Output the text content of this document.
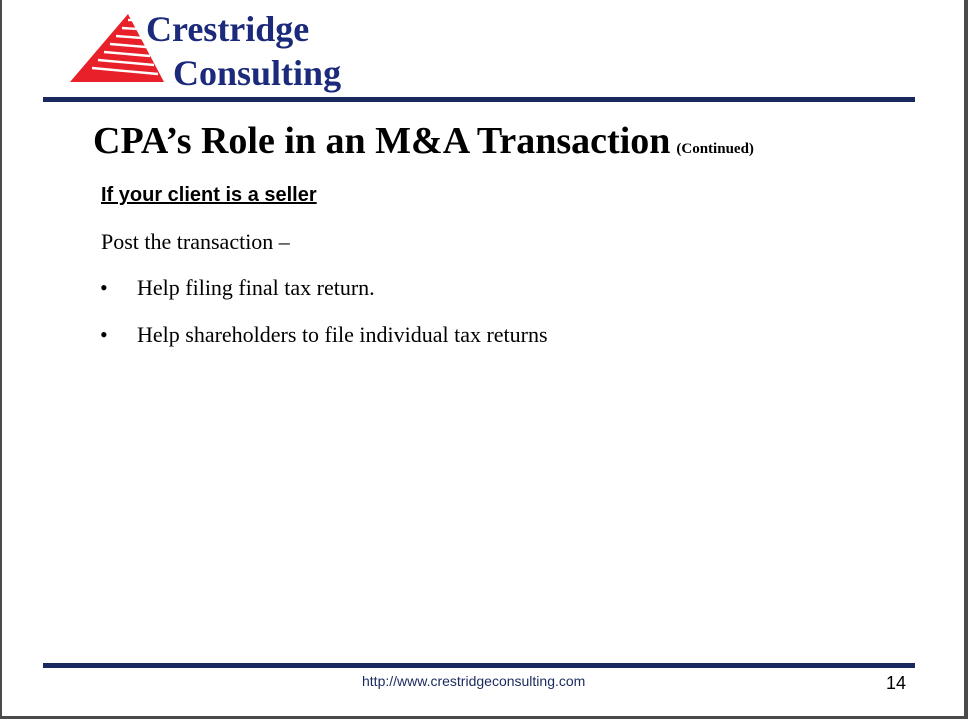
Crestridge
Consulting
CPA’s Role in an M&A Transaction (Continued)
If your client is a seller
Post the transaction –
• Help filing final tax return.
• Help shareholders to file individual tax returns
http://www.crestridgeconsulting.com	14
